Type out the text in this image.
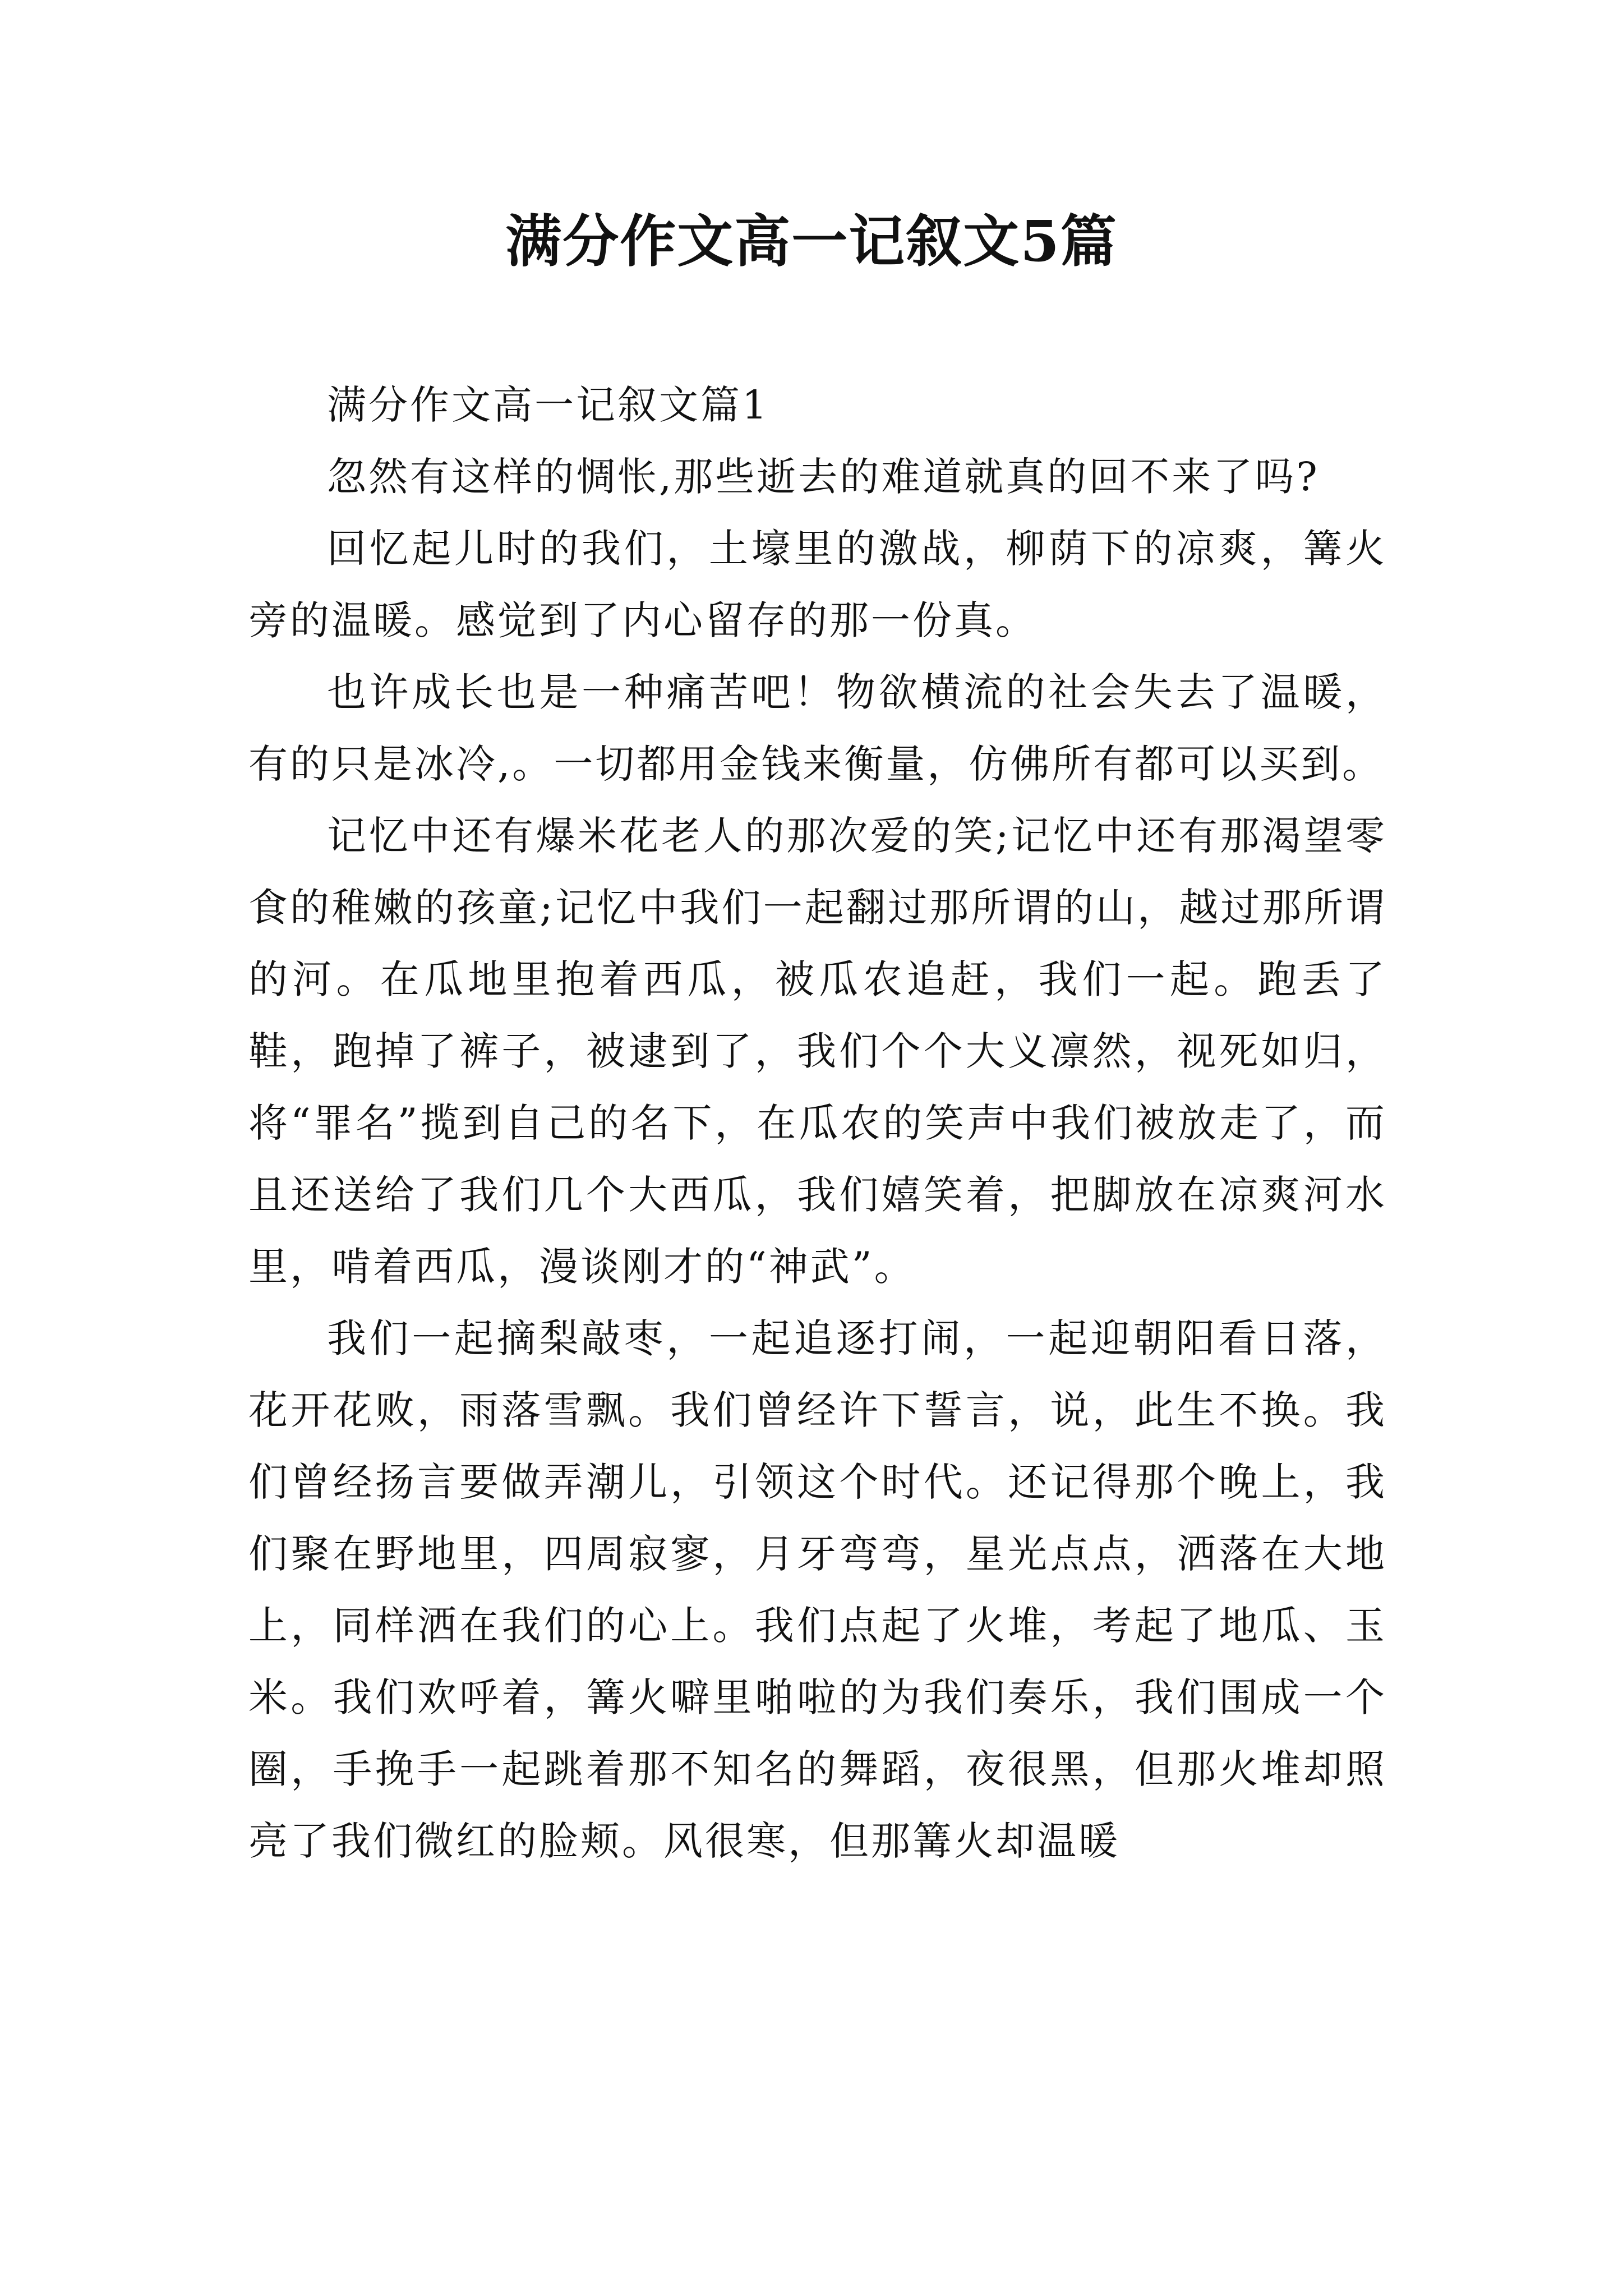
满分作文高一记叙文5篇

满分作文高一记叙文篇1

忽然有这样的惆怅,那些逝去的难道就真的回不来了吗?

回忆起儿时的我们，土壕里的激战，柳荫下的凉爽，篝火旁的温暖。感觉到了内心留存的那一份真。

也许成长也是一种痛苦吧！物欲横流的社会失去了温暖，有的只是冰冷,。一切都用金钱来衡量，仿佛所有都可以买到。

记忆中还有爆米花老人的那次爱的笑;记忆中还有那渴望零食的稚嫩的孩童;记忆中我们一起翻过那所谓的山，越过那所谓的河。在瓜地里抱着西瓜，被瓜农追赶，我们一起。跑丢了鞋，跑掉了裤子，被逮到了，我们个个大义凛然，视死如归，将“罪名”揽到自己的名下，在瓜农的笑声中我们被放走了，而且还送给了我们几个大西瓜，我们嬉笑着，把脚放在凉爽河水里，啃着西瓜，漫谈刚才的“神武”。

我们一起摘梨敲枣，一起追逐打闹，一起迎朝阳看日落，花开花败，雨落雪飘。我们曾经许下誓言，说，此生不换。我们曾经扬言要做弄潮儿，引领这个时代。还记得那个晚上，我们聚在野地里，四周寂寥，月牙弯弯，星光点点，洒落在大地上，同样洒在我们的心上。我们点起了火堆，考起了地瓜、玉米。我们欢呼着，篝火噼里啪啦的为我们奏乐，我们围成一个圈，手挽手一起跳着那不知名的舞蹈，夜很黑，但那火堆却照亮了我们微红的脸颊。风很寒，但那篝火却温暖
